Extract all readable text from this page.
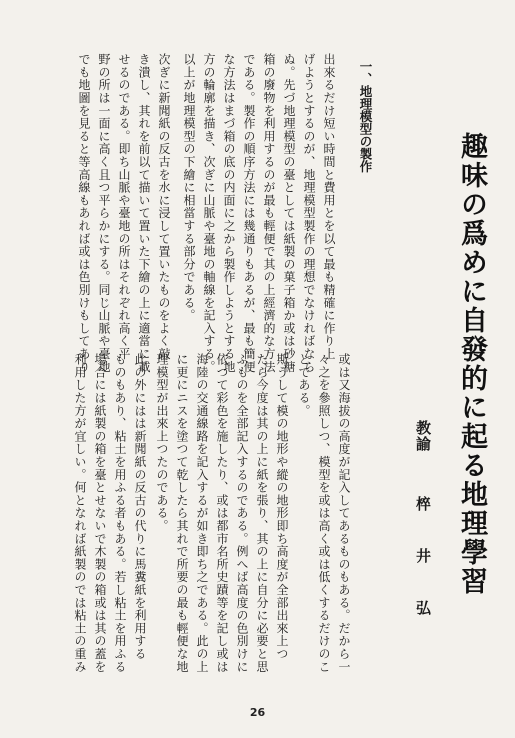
趣味の爲めに自發的に起る地理學習
教諭椊井弘
一、地理模型の製作
出來るだけ短い時間と費用とを以て最も精確に作り上
げようとするのが、地理模型製作の理想でなければなら
ぬ。先づ地理模型の臺としては紙製の菓子箱か或は砂糖
箱の廢物を利用するのが最も輕便で其の上經濟的な方法
である。製作の順序方法には幾通りもあるが、最も簡便
な方法はまづ箱の底の内面に之から製作しようとする地
方の輪廓を描き、次ぎに山脈や臺地の軸線を記入する。
以上が地理模型の下繪に相當する部分である。
次ぎに新聞紙の反古を水に浸して置いたものをよく敲
き潰し、其れを前以て描いて置いた下繪の上に適當に載
せるのである。即ち山脈や臺地の所はそれぞれ高く平
野の所は一面に高く且つ平らかにする。同じ山脈や臺地
でも地圖を見ると等高線もあれば或は色別けもしてあり
或は又海拔の高度が記入してあるものもある。だから一
々之を參照しつ、模型を或は高く或は低くするだけのこ
とである。
斯うして模の地形や縱の地形即ち高度が全部出來上つ
たら今度は其の上に紙を張り、其の上に自分に必要と思
ふものを全部記入するのである。例へば高度の色別けに
依つて彩色を施したり、或は都市名所史蹟等を記し或は
海陸の交通線路を記入するが如き即ち之である。此の上
に更にニスを塗つて乾したら其れで所要の最も輕便な地
理模型が出來上つたのである。
此の外にはは新聞紙の反古の代りに馬糞紙を利用する
ものもあり、粘土を用ふる者もある。若し粘土を用ふる
場合には紙製の箱を臺とせないで木製の箱或は其の蓋を
利用した方が宜しい。何となれば紙製のでは粘土の重み
26
